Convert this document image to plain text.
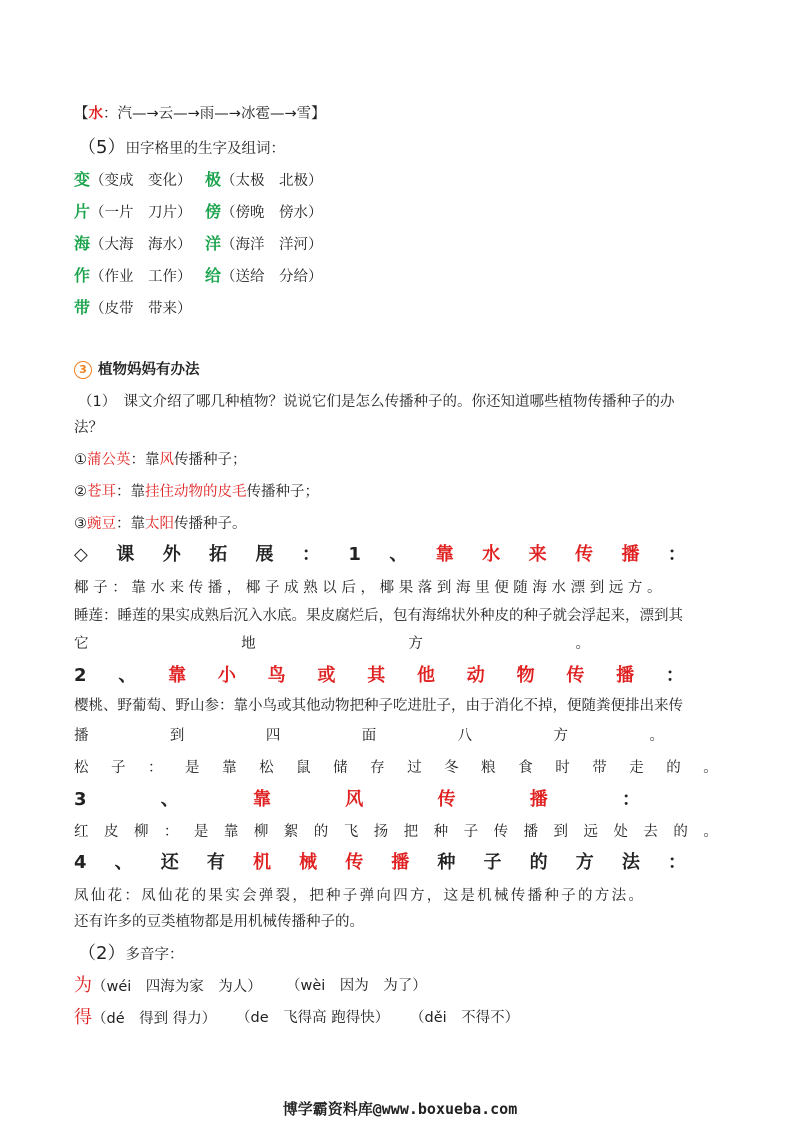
【水：汽—→云—→雨—→冰雹—→雪】
（5）田字格里的生字及组词：
变（变成　变化） 极（太极　北极）
片（一片　刀片） 傍（傍晚　傍水）
海（大海　海水） 洋（海洋　洋河）
作（作业　工作） 给（送给　分给）
带（皮带　带来）
3 植物妈妈有办法
（1）　课文介绍了哪几种植物？说说它们是怎么传播种子的。你还知道哪些植物传播种子的办
法？
①蒲公英：靠风传播种子；
②苍耳：靠挂住动物的皮毛传播种子；
③豌豆：靠太阳传播种子。
◇ 课 外 拓 展 ： 1 、 靠 水 来 传 播 ：
椰子：靠水来传播，椰子成熟以后，椰果落到海里便随海水漂到远方。
睡莲：睡莲的果实成熟后沉入水底。果皮腐烂后，包有海绵状外种皮的种子就会浮起来，漂到其
它	地	方	。
2 、 靠 小 鸟 或 其 他 动 物 传 播 ：
樱桃、野葡萄、野山参：靠小鸟或其他动物把种子吃进肚子，由于消化不掉，便随粪便排出来传
播	到	四	面	八	方	。
松 子 ： 是 靠 松 鼠 储 存 过 冬 粮 食 时 带 走 的 。
3	、	靠	风	传	播	：
红 皮 柳 ： 是 靠 柳 絮 的 飞 扬 把 种 子 传 播 到 远 处 去 的 。
4 、 还 有 机 械 传 播 种 子 的 方 法 ：
凤仙花：凤仙花的果实会弹裂，把种子弹向四方，这是机械传播种子的方法。
还有许多的豆类植物都是用机械传播种子的。
（2）多音字：
为（wéi　四海为家　为人） （wèi　因为　为了）
得（dé　得到 得力） （de　飞得高 跑得快） （děi　不得不）
博学霸资料库@www.boxueba.com
